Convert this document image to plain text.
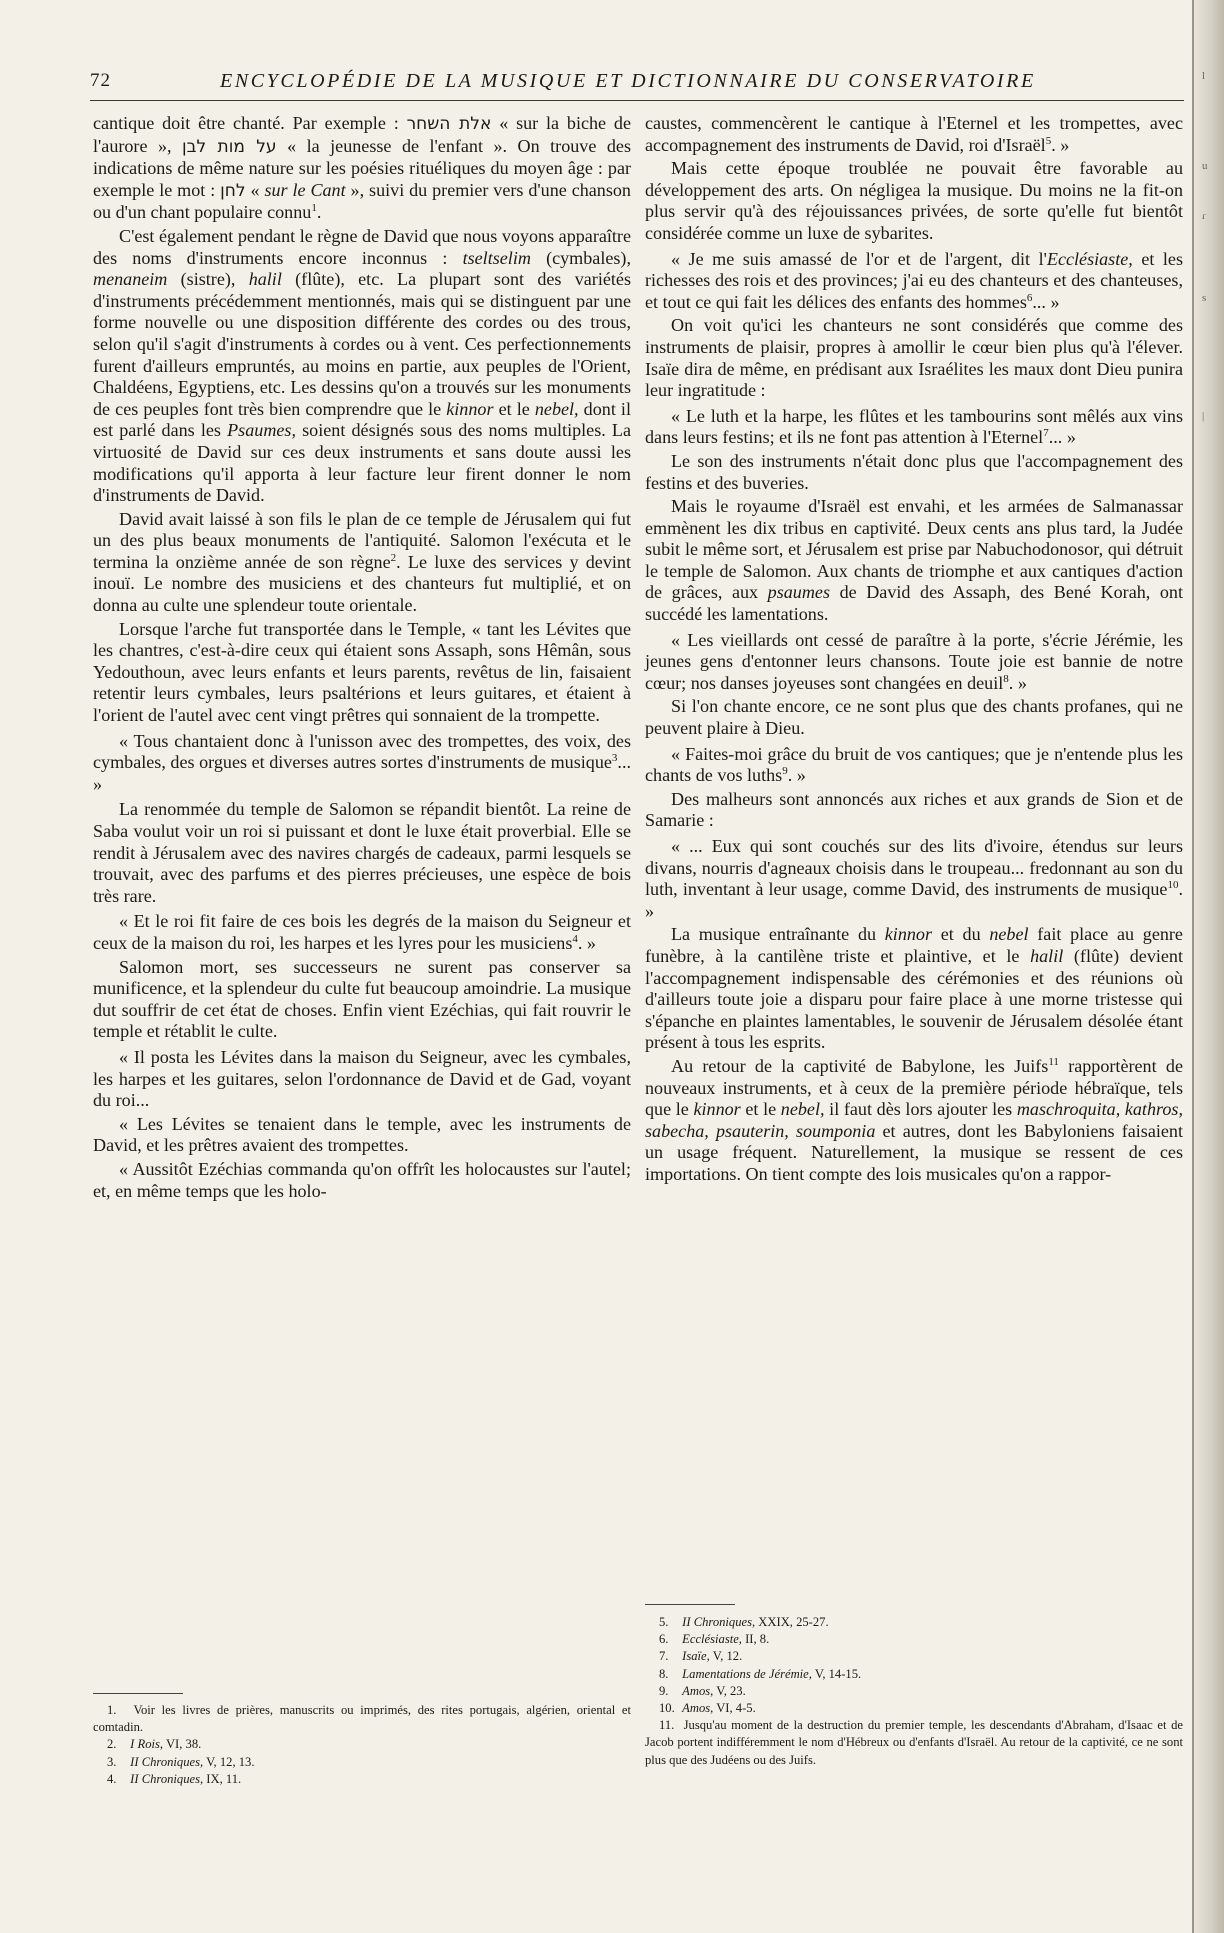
72	ENCYCLOPÉDIE DE LA MUSIQUE ET DICTIONNAIRE DU CONSERVATOIRE

cantique doit être chanté. Par exemple : אלת השחר « sur la biche de l'aurore », על מות לבן « la jeunesse de l'enfant ». On trouve des indications de même nature sur les poésies rituéliques du moyen âge : par exemple le mot : לחן « sur le Cant », suivi du premier vers d'une chanson ou d'un chant populaire connu$^1$.

C'est également pendant le règne de David que nous voyons apparaître des noms d'instruments encore inconnus : tseltselim (cymbales), menaneim (sistre), halil (flûte), etc. La plupart sont des variétés d'instruments précédemment mentionnés, mais qui se distinguent par une forme nouvelle ou une disposition différente des cordes ou des trous, selon qu'il s'agit d'instruments à cordes ou à vent. Ces perfectionnements furent d'ailleurs empruntés, au moins en partie, aux peuples de l'Orient, Chaldéens, Egyptiens, etc. Les dessins qu'on a trouvés sur les monuments de ces peuples font très bien comprendre que le kinnor et le nebel, dont il est parlé dans les Psaumes, soient désignés sous des noms multiples. La virtuosité de David sur ces deux instruments et sans doute aussi les modifications qu'il apporta à leur facture leur firent donner le nom d'instruments de David.

David avait laissé à son fils le plan de ce temple de Jérusalem qui fut un des plus beaux monuments de l'antiquité. Salomon l'exécuta et le termina la onzième année de son règne$^2$. Le luxe des services y devint inouï. Le nombre des musiciens et des chanteurs fut multiplié, et on donna au culte une splendeur toute orientale.

Lorsque l'arche fut transportée dans le Temple, « tant les Lévites que les chantres, c'est-à-dire ceux qui étaient sons Assaph, sons Hêmân, sous Yedouthoun, avec leurs enfants et leurs parents, revêtus de lin, faisaient retentir leurs cymbales, leurs psaltérions et leurs guitares, et étaient à l'orient de l'autel avec cent vingt prêtres qui sonnaient de la trompette.

« Tous chantaient donc à l'unisson avec des trompettes, des voix, des cymbales, des orgues et diverses autres sortes d'instruments de musique$^3$... »

La renommée du temple de Salomon se répandit bientôt. La reine de Saba voulut voir un roi si puissant et dont le luxe était proverbial. Elle se rendit à Jérusalem avec des navires chargés de cadeaux, parmi lesquels se trouvait, avec des parfums et des pierres précieuses, une espèce de bois très rare.

« Et le roi fit faire de ces bois les degrés de la maison du Seigneur et ceux de la maison du roi, les harpes et les lyres pour les musiciens$^4$. »

Salomon mort, ses successeurs ne surent pas conserver sa munificence, et la splendeur du culte fut beaucoup amoindrie. La musique dut souffrir de cet état de choses. Enfin vient Ezéchias, qui fait rouvrir le temple et rétablit le culte.

« Il posta les Lévites dans la maison du Seigneur, avec les cymbales, les harpes et les guitares, selon l'ordonnance de David et de Gad, voyant du roi...

« Les Lévites se tenaient dans le temple, avec les instruments de David, et les prêtres avaient des trompettes.

« Aussitôt Ezéchias commanda qu'on offrît les holocaustes sur l'autel; et, en même temps que les holo-

caustes, commencèrent le cantique à l'Eternel et les trompettes, avec accompagnement des instruments de David, roi d'Israël$^5$. »

Mais cette époque troublée ne pouvait être favorable au développement des arts. On négligea la musique. Du moins ne la fit-on plus servir qu'à des réjouissances privées, de sorte qu'elle fut bientôt considérée comme un luxe de sybarites.

« Je me suis amassé de l'or et de l'argent, dit l'Ecclésiaste, et les richesses des rois et des provinces; j'ai eu des chanteurs et des chanteuses, et tout ce qui fait les délices des enfants des hommes$^6$... »

On voit qu'ici les chanteurs ne sont considérés que comme des instruments de plaisir, propres à amollir le cœur bien plus qu'à l'élever. Isaïe dira de même, en prédisant aux Israélites les maux dont Dieu punira leur ingratitude :

« Le luth et la harpe, les flûtes et les tambourins sont mêlés aux vins dans leurs festins; et ils ne font pas attention à l'Eternel$^7$... »

Le son des instruments n'était donc plus que l'accompagnement des festins et des buveries.

Mais le royaume d'Israël est envahi, et les armées de Salmanassar emmènent les dix tribus en captivité. Deux cents ans plus tard, la Judée subit le même sort, et Jérusalem est prise par Nabuchodonosor, qui détruit le temple de Salomon. Aux chants de triomphe et aux cantiques d'action de grâces, aux psaumes de David des Assaph, des Bené Korah, ont succédé les lamentations.

« Les vieillards ont cessé de paraître à la porte, s'écrie Jérémie, les jeunes gens d'entonner leurs chansons. Toute joie est bannie de notre cœur; nos danses joyeuses sont changées en deuil$^8$. »

Si l'on chante encore, ce ne sont plus que des chants profanes, qui ne peuvent plaire à Dieu.

« Faites-moi grâce du bruit de vos cantiques; que je n'entende plus les chants de vos luths$^9$. »

Des malheurs sont annoncés aux riches et aux grands de Sion et de Samarie :

« ... Eux qui sont couchés sur des lits d'ivoire, étendus sur leurs divans, nourris d'agneaux choisis dans le troupeau... fredonnant au son du luth, inventant à leur usage, comme David, des instruments de musique$^{10}$. »

La musique entraînante du kinnor et du nebel fait place au genre funèbre, à la cantilène triste et plaintive, et le halil (flûte) devient l'accompagnement indispensable des cérémonies et des réunions où d'ailleurs toute joie a disparu pour faire place à une morne tristesse qui s'épanche en plaintes lamentables, le souvenir de Jérusalem désolée étant présent à tous les esprits.

Au retour de la captivité de Babylone, les Juifs$^{11}$ rapportèrent de nouveaux instruments, et à ceux de la première période hébraïque, tels que le kinnor et le nebel, il faut dès lors ajouter les maschroquita, kathros, sabecha, psauterin, soumponia et autres, dont les Babyloniens faisaient un usage fréquent. Naturellement, la musique se ressent de ces importations. On tient compte des lois musicales qu'on a rappor-

1. Voir les livres de prières, manuscrits ou imprimés, des rites portugais, algérien, oriental et comtadin.
2. I Rois, VI, 38.
3. II Chroniques, V, 12, 13.
4. II Chroniques, IX, 11.
5. II Chroniques, XXIX, 25-27.
6. Ecclésiaste, II, 8.
7. Isaïe, V, 12.
8. Lamentations de Jérémie, V, 14-15.
9. Amos, V, 23.
10. Amos, VI, 4-5.
11. Jusqu'au moment de la destruction du premier temple, les descendants d'Abraham, d'Isaac et de Jacob portent indifféremment le nom d'Hébreux ou d'enfants d'Israël. Au retour de la captivité, ce ne sont plus que des Judéens ou des Juifs.
l
u
ɾ
s
|
